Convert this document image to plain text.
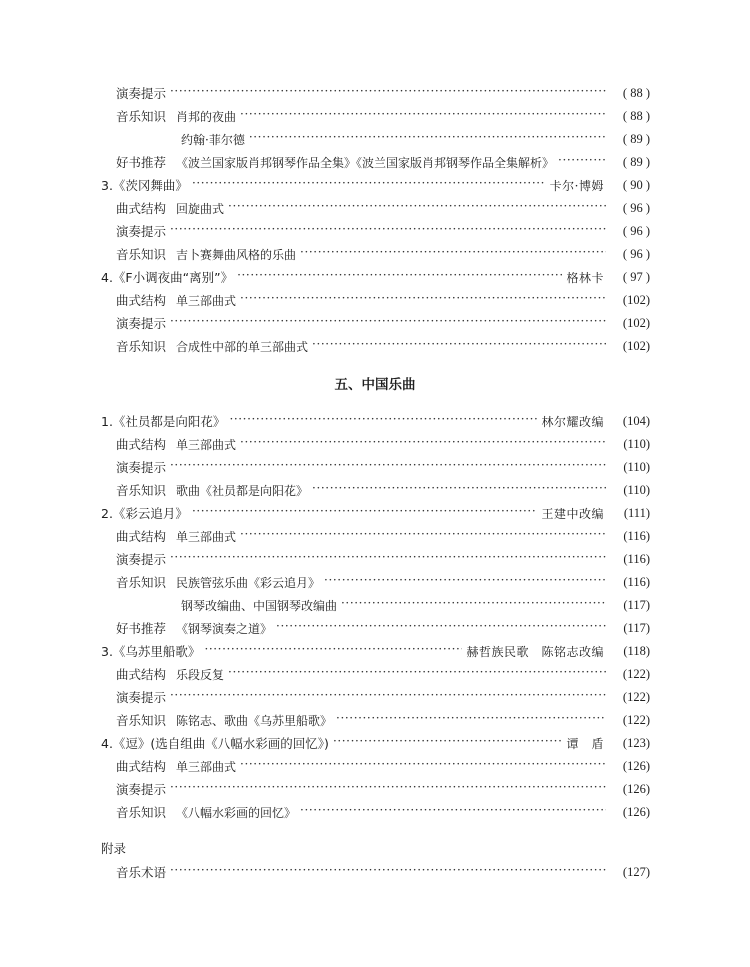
演奏提示 ·····	( 88 )
音乐知识 肖邦的夜曲 ·····	( 88 )
约翰·菲尔德 ·····	( 89 )
好书推荐 《波兰国家版肖邦钢琴作品全集》《波兰国家版肖邦钢琴作品全集解析》 ·····	( 89 )
3.《茨冈舞曲》 ·····	卡尔·博姆	( 90 )
曲式结构 回旋曲式 ·····	( 96 )
演奏提示 ·····	( 96 )
音乐知识 吉卜赛舞曲风格的乐曲 ·····	( 96 )
4.《F小调夜曲“离别”》 ·····	格林卡	( 97 )
曲式结构 单三部曲式 ·····	(102)
演奏提示 ·····	(102)
音乐知识 合成性中部的单三部曲式 ·····	(102)
五、中国乐曲
1.《社员都是向阳花》 ·····	林尔耀改编	(104)
曲式结构 单三部曲式 ·····	(110)
演奏提示 ·····	(110)
音乐知识 歌曲《社员都是向阳花》 ·····	(110)
2.《彩云追月》 ·····	王建中改编	(111)
曲式结构 单三部曲式 ·····	(116)
演奏提示 ·····	(116)
音乐知识 民族管弦乐曲《彩云追月》 ·····	(116)
钢琴改编曲、中国钢琴改编曲 ·····	(117)
好书推荐 《钢琴演奏之道》 ·····	(117)
3.《乌苏里船歌》 ·····	赫哲族民歌　陈铭志改编	(118)
曲式结构 乐段反复 ·····	(122)
演奏提示 ·····	(122)
音乐知识 陈铭志、歌曲《乌苏里船歌》 ·····	(122)
4.《逗》(选自组曲《八幅水彩画的回忆》) ·····	谭　盾	(123)
曲式结构 单三部曲式 ·····	(126)
演奏提示 ·····	(126)
音乐知识 《八幅水彩画的回忆》 ·····	(126)
附录
音乐术语 ·····	(127)
